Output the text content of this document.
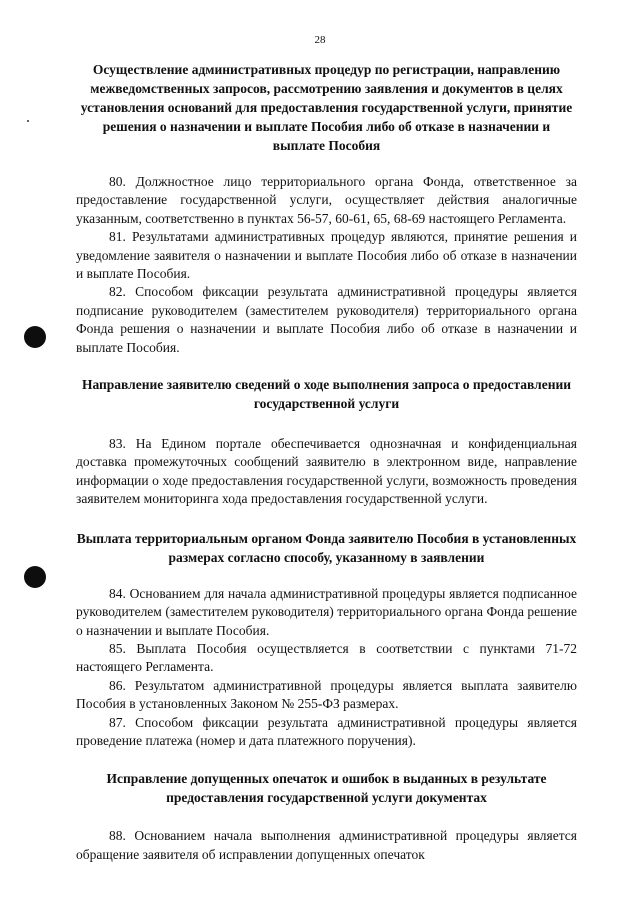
28

Осуществление административных процедур по регистрации, направлению межведомственных запросов, рассмотрению заявления и документов в целях установления оснований для предоставления государственной услуги, принятие решения о назначении и выплате Пособия либо об отказе в назначении и выплате Пособия

80. Должностное лицо территориального органа Фонда, ответственное за предоставление государственной услуги, осуществляет действия аналогичные указанным, соответственно в пунктах 56-57, 60-61, 65, 68-69 настоящего Регламента.

81. Результатами административных процедур являются, принятие решения и уведомление заявителя о назначении и выплате Пособия либо об отказе в назначении и выплате Пособия.

82. Способом фиксации результата административной процедуры является подписание руководителем (заместителем руководителя) территориального органа Фонда решения о назначении и выплате Пособия либо об отказе в назначении и выплате Пособия.

Направление заявителю сведений о ходе выполнения запроса о предоставлении государственной услуги

83. На Едином портале обеспечивается однозначная и конфиденциальная доставка промежуточных сообщений заявителю в электронном виде, направление информации о ходе предоставления государственной услуги, возможность проведения заявителем мониторинга хода предоставления государственной услуги.

Выплата территориальным органом Фонда заявителю Пособия в установленных размерах согласно способу, указанному в заявлении

84. Основанием для начала административной процедуры является подписанное руководителем (заместителем руководителя) территориального органа Фонда решение о назначении и выплате Пособия.

85. Выплата Пособия осуществляется в соответствии с пунктами 71-72 настоящего Регламента.

86. Результатом административной процедуры является выплата заявителю Пособия в установленных Законом № 255-ФЗ размерах.

87. Способом фиксации результата административной процедуры является проведение платежа (номер и дата платежного поручения).

Исправление допущенных опечаток и ошибок в выданных в результате предоставления государственной услуги документах

88. Основанием начала выполнения административной процедуры является обращение заявителя об исправлении допущенных опечаток
